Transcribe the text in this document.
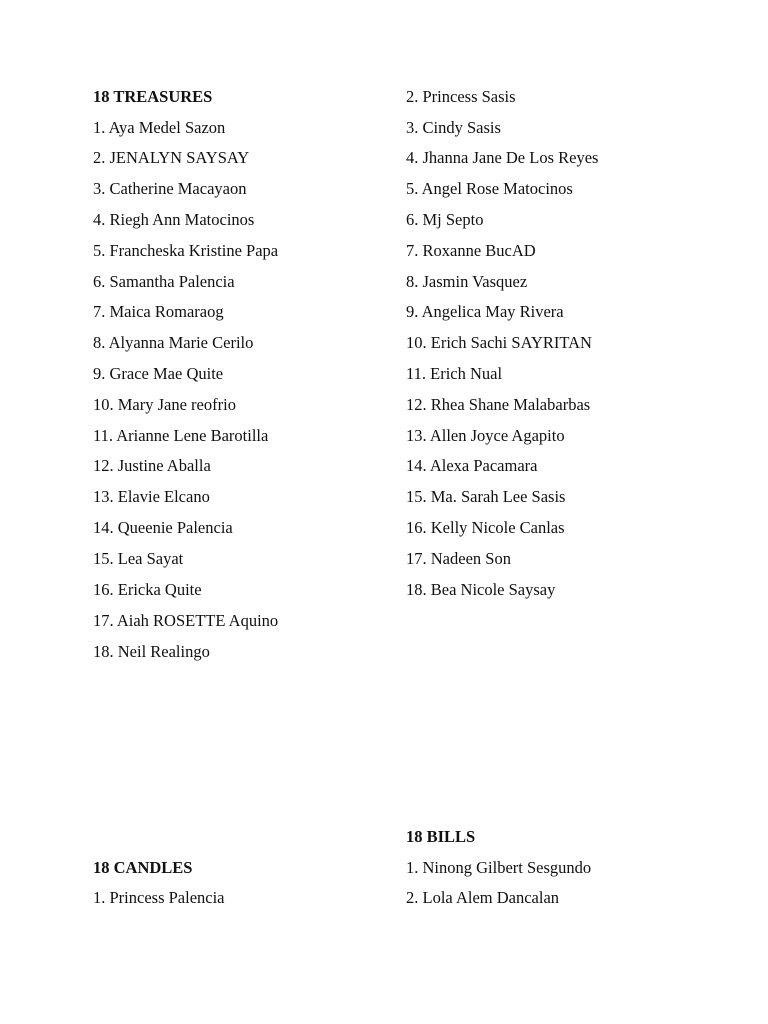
18 TREASURES
1. Aya Medel Sazon
2. JENALYN SAYSAY
3. Catherine Macayaon
4. Riegh Ann Matocinos
5. Francheska Kristine Papa
6. Samantha Palencia
7. Maica Romaraog
8. Alyanna Marie Cerilo
9. Grace Mae Quite
10. Mary Jane reofrio
11. Arianne Lene Barotilla
12. Justine Aballa
13. Elavie Elcano
14. Queenie Palencia
15. Lea Sayat
16. Ericka Quite
17. Aiah ROSETTE Aquino
18. Neil Realingo
2. Princess Sasis
3. Cindy Sasis
4. Jhanna Jane De Los Reyes
5. Angel Rose Matocinos
6. Mj Septo
7. Roxanne BucAD
8. Jasmin Vasquez
9. Angelica May Rivera
10. Erich Sachi SAYRITAN
11. Erich Nual
12. Rhea Shane Malabarbas
13. Allen Joyce Agapito
14. Alexa Pacamara
15. Ma. Sarah Lee Sasis
16. Kelly Nicole Canlas
17. Nadeen Son
18. Bea Nicole Saysay
18 BILLS
1. Ninong Gilbert Sesgundo
2. Lola Alem Dancalan
18 CANDLES
1. Princess Palencia
